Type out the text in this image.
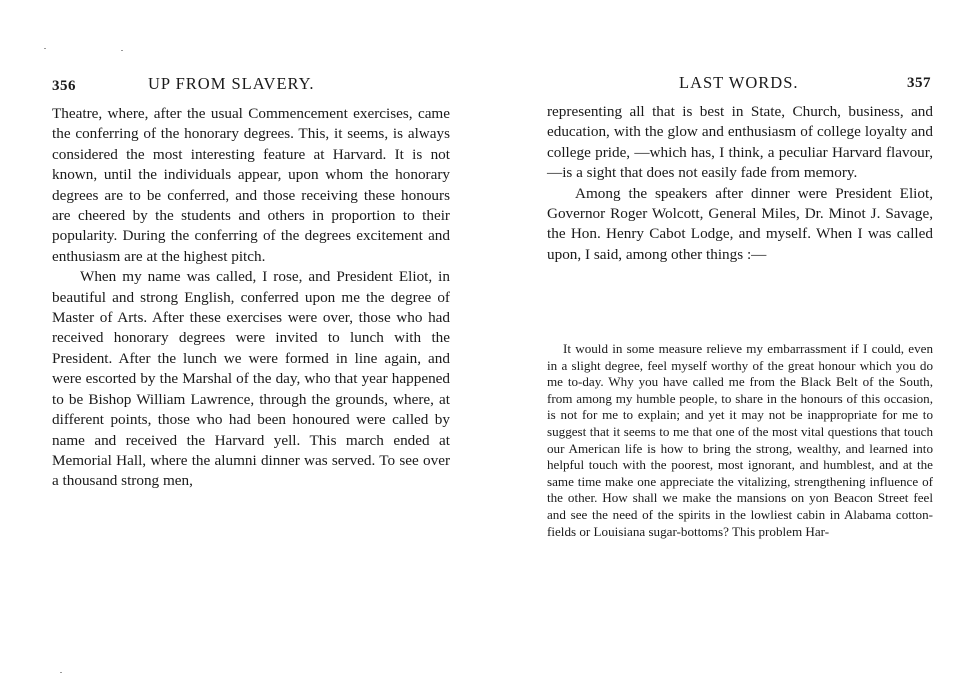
356	UP FROM SLAVERY.

Theatre, where, after the usual Commencement exercises, came the conferring of the honorary degrees. This, it seems, is always considered the most interesting feature at Harvard. It is not known, until the individuals appear, upon whom the honorary degrees are to be conferred, and those receiving these honours are cheered by the students and others in proportion to their popularity. During the conferring of the degrees excitement and enthusiasm are at the highest pitch.

When my name was called, I rose, and President Eliot, in beautiful and strong English, conferred upon me the degree of Master of Arts. After these exercises were over, those who had received honorary degrees were invited to lunch with the President. After the lunch we were formed in line again, and were escorted by the Marshal of the day, who that year happened to be Bishop William Lawrence, through the grounds, where, at different points, those who had been honoured were called by name and received the Harvard yell. This march ended at Memorial Hall, where the alumni dinner was served. To see over a thousand strong men,

LAST WORDS.	357

representing all that is best in State, Church, business, and education, with the glow and enthusiasm of college loyalty and college pride, —which has, I think, a peculiar Harvard flavour,—is a sight that does not easily fade from memory.

Among the speakers after dinner were President Eliot, Governor Roger Wolcott, General Miles, Dr. Minot J. Savage, the Hon. Henry Cabot Lodge, and myself. When I was called upon, I said, among other things :—

It would in some measure relieve my embarrassment if I could, even in a slight degree, feel myself worthy of the great honour which you do me to-day. Why you have called me from the Black Belt of the South, from among my humble people, to share in the honours of this occasion, is not for me to explain; and yet it may not be inappropriate for me to suggest that it seems to me that one of the most vital questions that touch our American life is how to bring the strong, wealthy, and learned into helpful touch with the poorest, most ignorant, and humblest, and at the same time make one appreciate the vitalizing, strengthening influence of the other. How shall we make the mansions on yon Beacon Street feel and see the need of the spirits in the lowliest cabin in Alabama cotton-fields or Louisiana sugar-bottoms? This problem Har-
